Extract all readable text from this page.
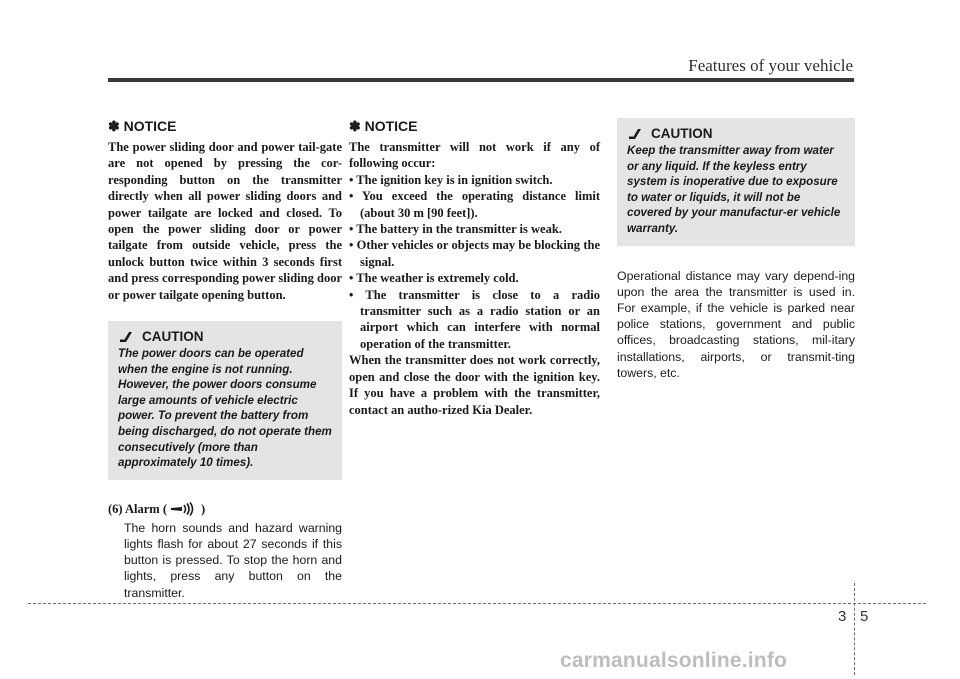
Features of your vehicle
✽ NOTICE

The power sliding door and power tail-gate are not opened by pressing the cor-responding button on the transmitter directly when all power sliding doors and power tailgate are locked and closed. To open the power sliding door or power tailgate from outside vehicle, press the unlock button twice within 3 seconds first and press corresponding power sliding door or power tailgate opening button.

CAUTION

The power doors can be operated when the engine is not running. However, the power doors consume large amounts of vehicle electric power. To prevent the battery from being discharged, do not operate them consecutively (more than approximately 10 times).

(6) Alarm (	)

The horn sounds and hazard warning lights flash for about 27 seconds if this button is pressed. To stop the horn and lights, press any button on the transmitter.

✽ NOTICE

The transmitter will not work if any of following occur:

• The ignition key is in ignition switch.
• You exceed the operating distance limit (about 30 m [90 feet]).
• The battery in the transmitter is weak.
• Other vehicles or objects may be blocking the signal.
• The weather is extremely cold.
• The transmitter is close to a radio transmitter such as a radio station or an airport which can interfere with normal operation of the transmitter.

When the transmitter does not work correctly, open and close the door with the ignition key. If you have a problem with the transmitter, contact an autho-rized Kia Dealer.

CAUTION

Keep the transmitter away from water or any liquid. If the keyless entry system is inoperative due to exposure to water or liquids, it will not be covered by your manufactur-er vehicle warranty.

Operational distance may vary depend-ing upon the area the transmitter is used in. For example, if the vehicle is parked near police stations, government and public offices, broadcasting stations, mil-itary installations, airports, or transmit-ting towers, etc.

3 5
carmanualsonline.info
